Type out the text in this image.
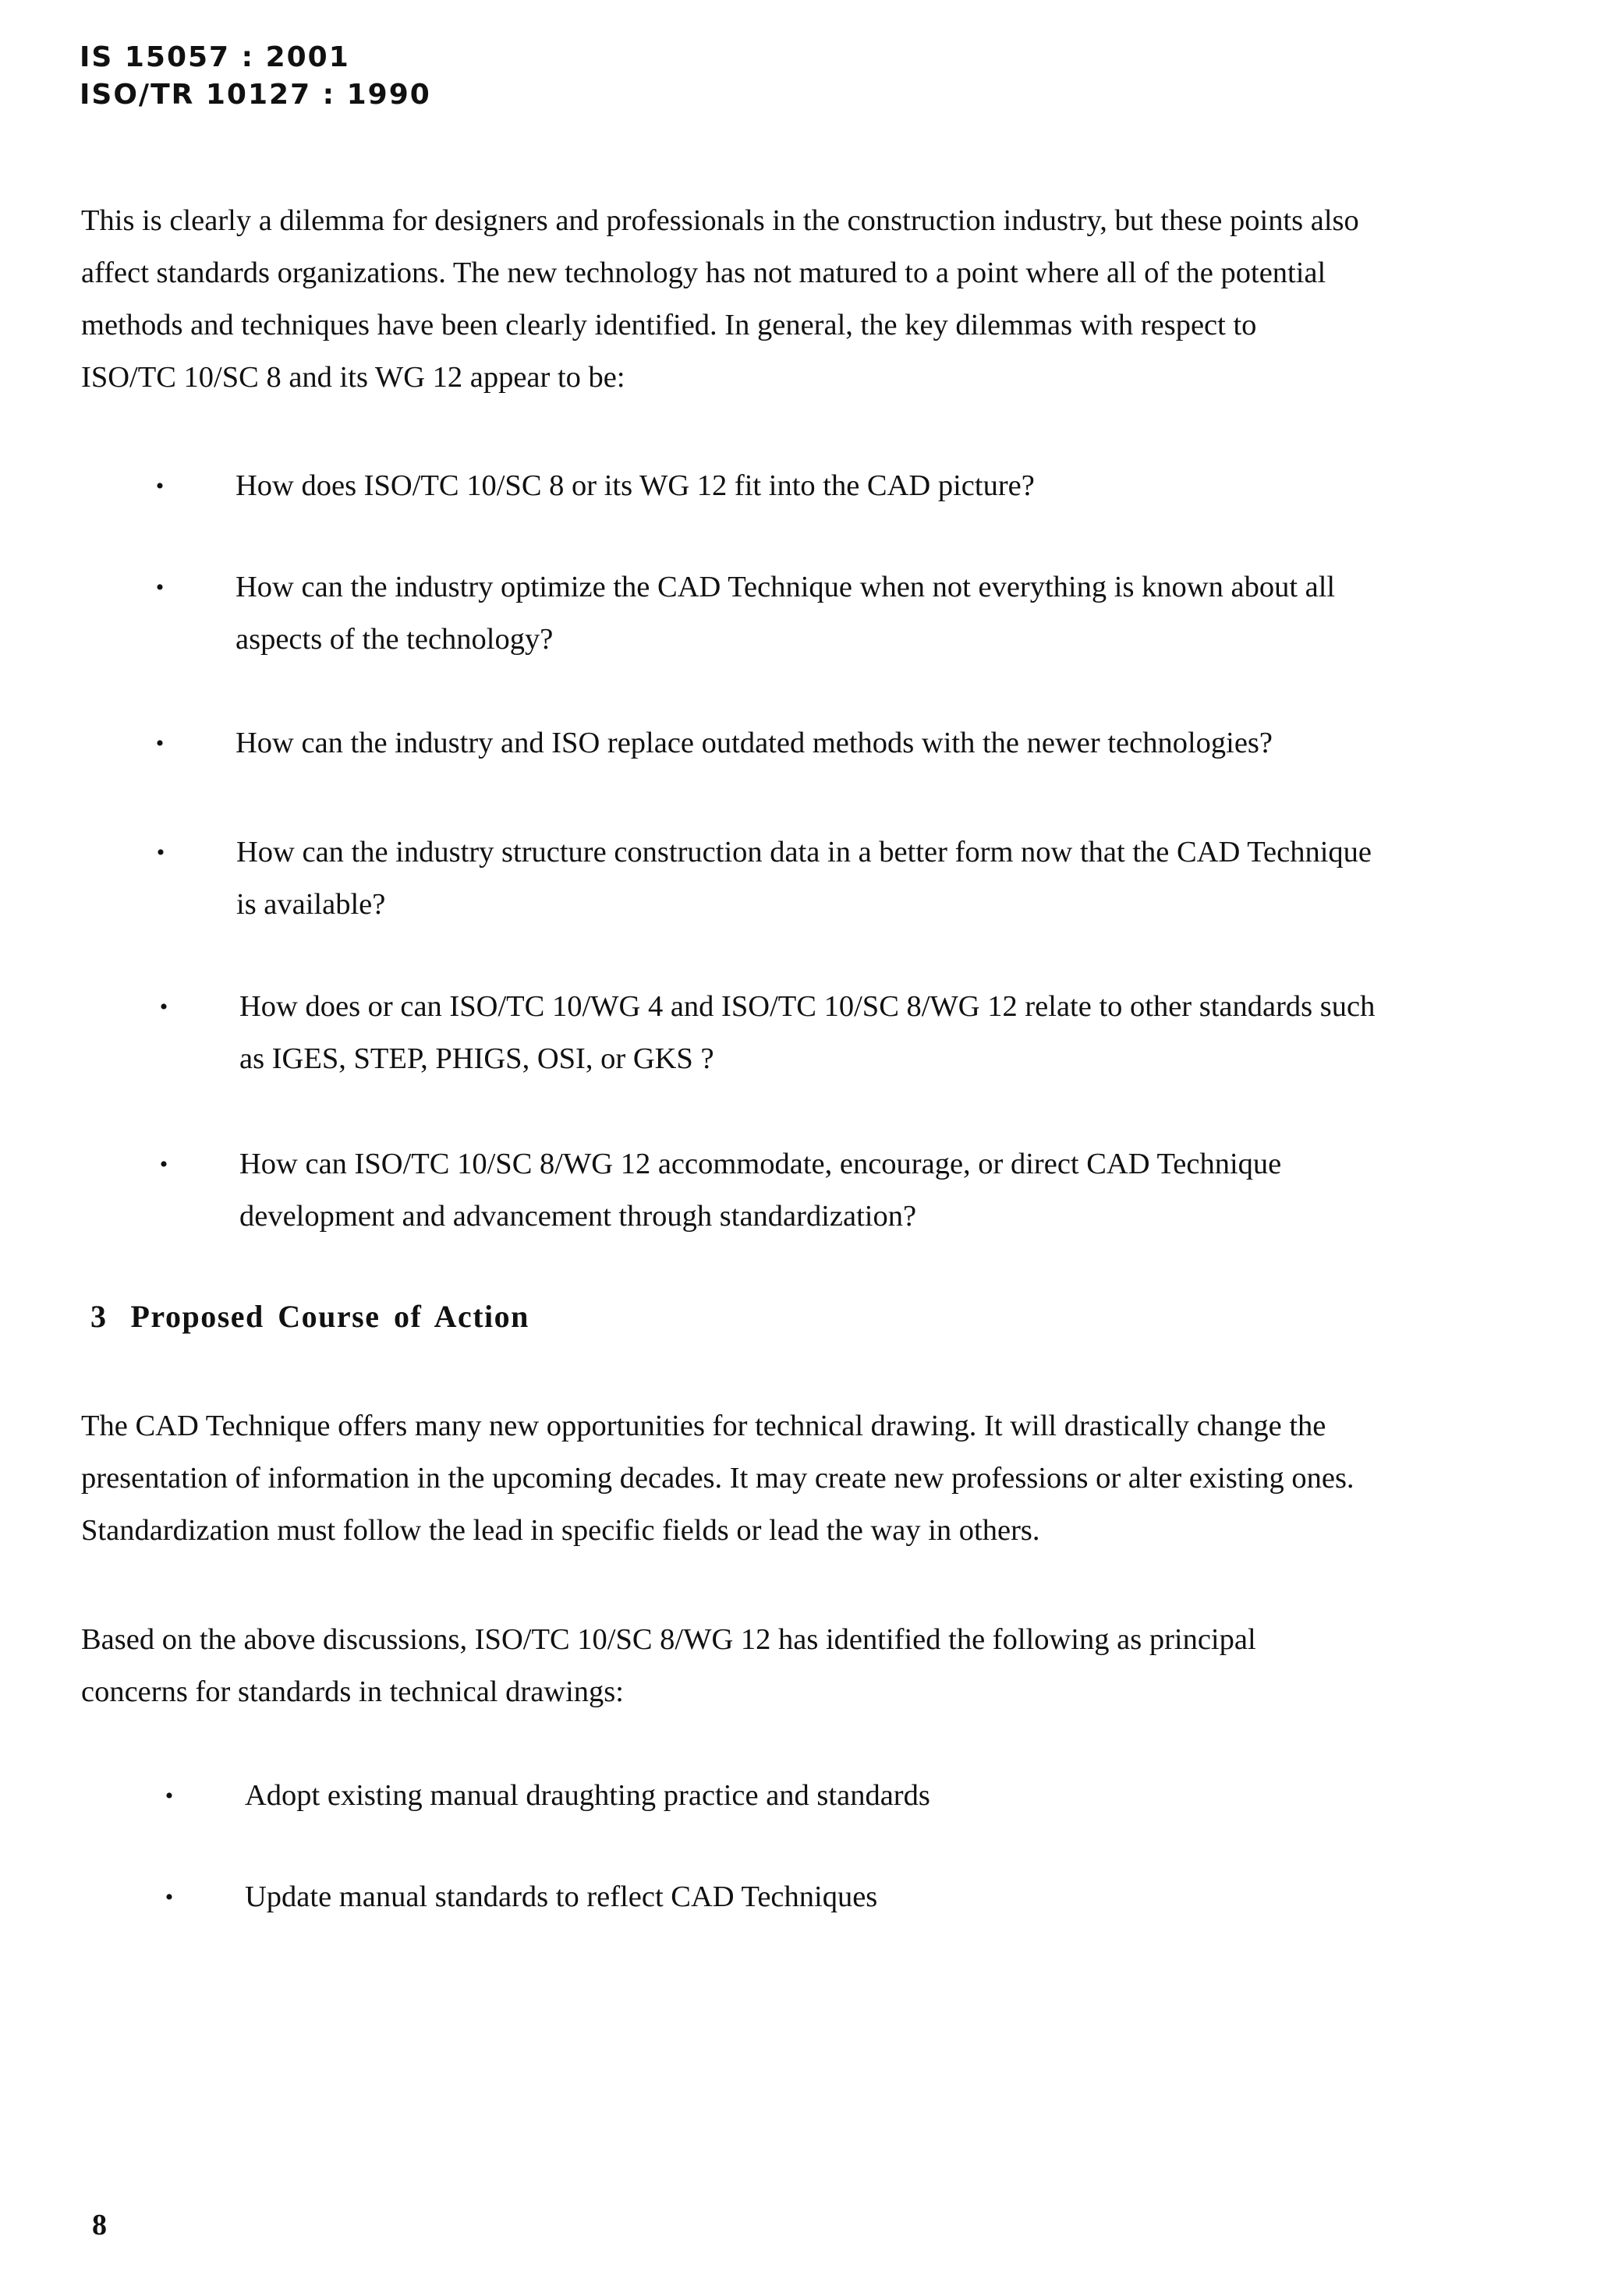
IS 15057 : 2001
ISO/TR 10127 : 1990

This is clearly a dilemma for designers and professionals in the construction industry, but these points also
affect standards organizations. The new technology has not matured to a point where all of the potential
methods and techniques have been clearly identified. In general, the key dilemmas with respect to
ISO/TC 10/SC 8 and its WG 12 appear to be:

•	How does ISO/TC 10/SC 8 or its WG 12 fit into the CAD picture?
•	How can the industry optimize the CAD Technique when not everything is known about all
aspects of the technology?
•	How can the industry and ISO replace outdated methods with the newer technologies?
•	How can the industry structure construction data in a better form now that the CAD Technique
is available?
•	How does or can ISO/TC 10/WG 4 and ISO/TC 10/SC 8/WG 12 relate to other standards such
as IGES, STEP, PHIGS, OSI, or GKS ?
•	How can ISO/TC 10/SC 8/WG 12 accommodate, encourage, or direct CAD Technique
development and advancement through standardization?
3 Proposed Course of Action

The CAD Technique offers many new opportunities for technical drawing. It will drastically change the
presentation of information in the upcoming decades. It may create new professions or alter existing ones.
Standardization must follow the lead in specific fields or lead the way in others.

Based on the above discussions, ISO/TC 10/SC 8/WG 12 has identified the following as principal
concerns for standards in technical drawings:

•	Adopt existing manual draughting practice and standards
•	Update manual standards to reflect CAD Techniques

8
